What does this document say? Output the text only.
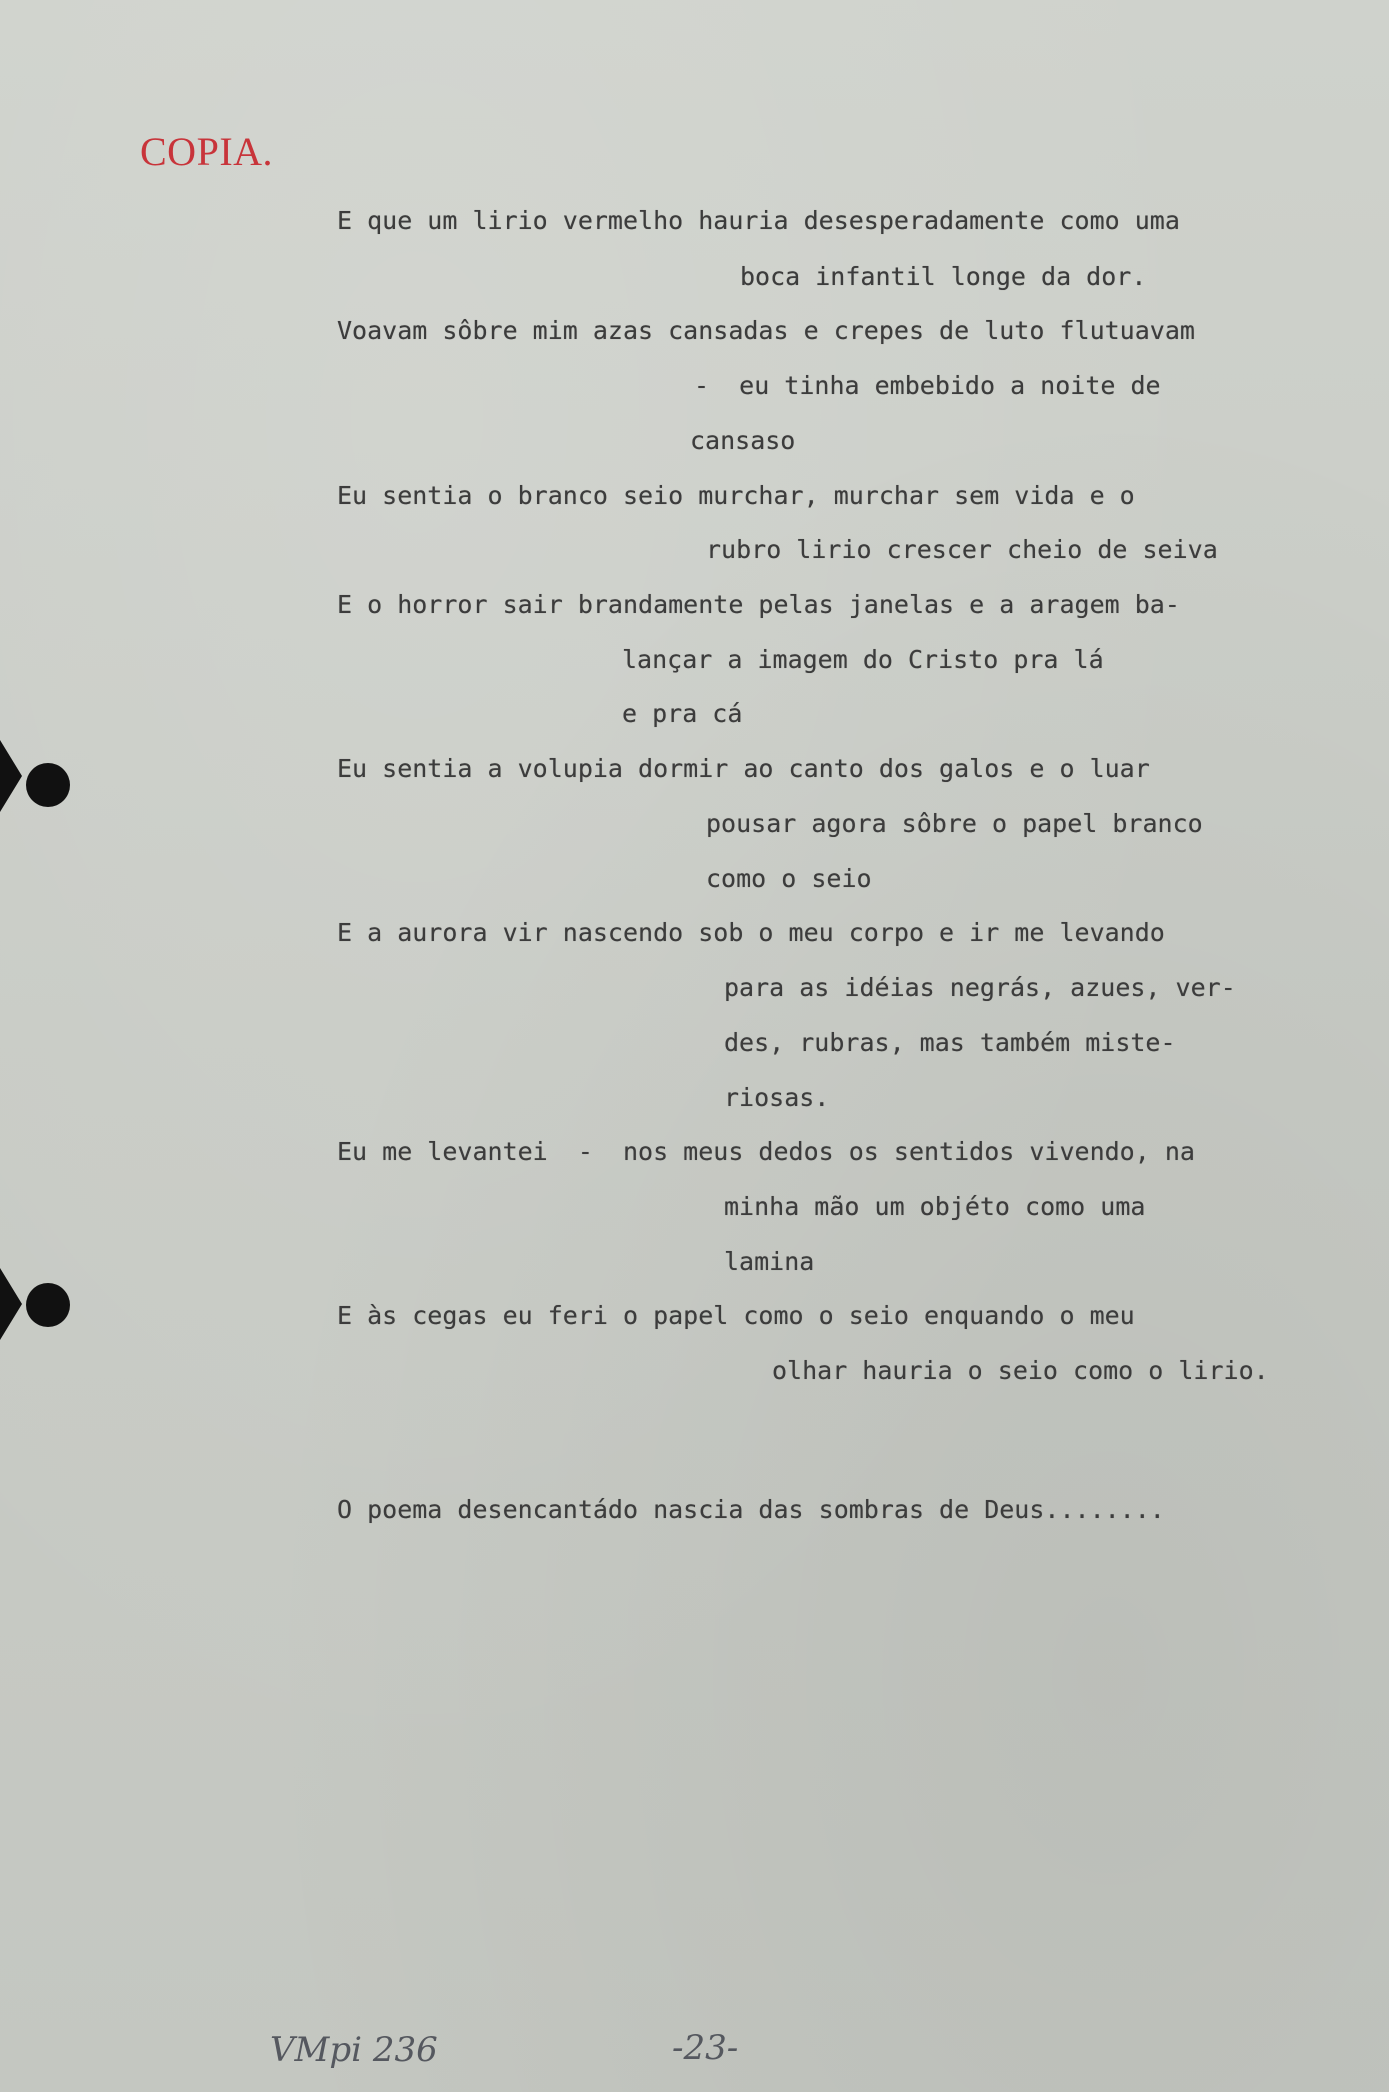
COPIA.
E que um lirio vermelho hauria desesperadamente como uma
boca infantil longe da dor.
Voavam sôbre mim azas cansadas e crepes de luto flutuavam
-  eu tinha embebido a noite de
cansaso
Eu sentia o branco seio murchar, murchar sem vida e o
rubro lirio crescer cheio de seiva
E o horror sair brandamente pelas janelas e a aragem ba-
lançar a imagem do Cristo pra lá
e pra cá
Eu sentia a volupia dormir ao canto dos galos e o luar
pousar agora sôbre o papel branco
como o seio
E a aurora vir nascendo sob o meu corpo e ir me levando
para as idéias negrás, azues, ver-
des, rubras, mas também miste-
riosas.
Eu me levantei  -  nos meus dedos os sentidos vivendo, na
minha mão um objéto como uma
lamina
E às cegas eu feri o papel como o seio enquando o meu
olhar hauria o seio como o lirio.
O poema desencantádo nascia das sombras de Deus........
VMpi 236	-23-
